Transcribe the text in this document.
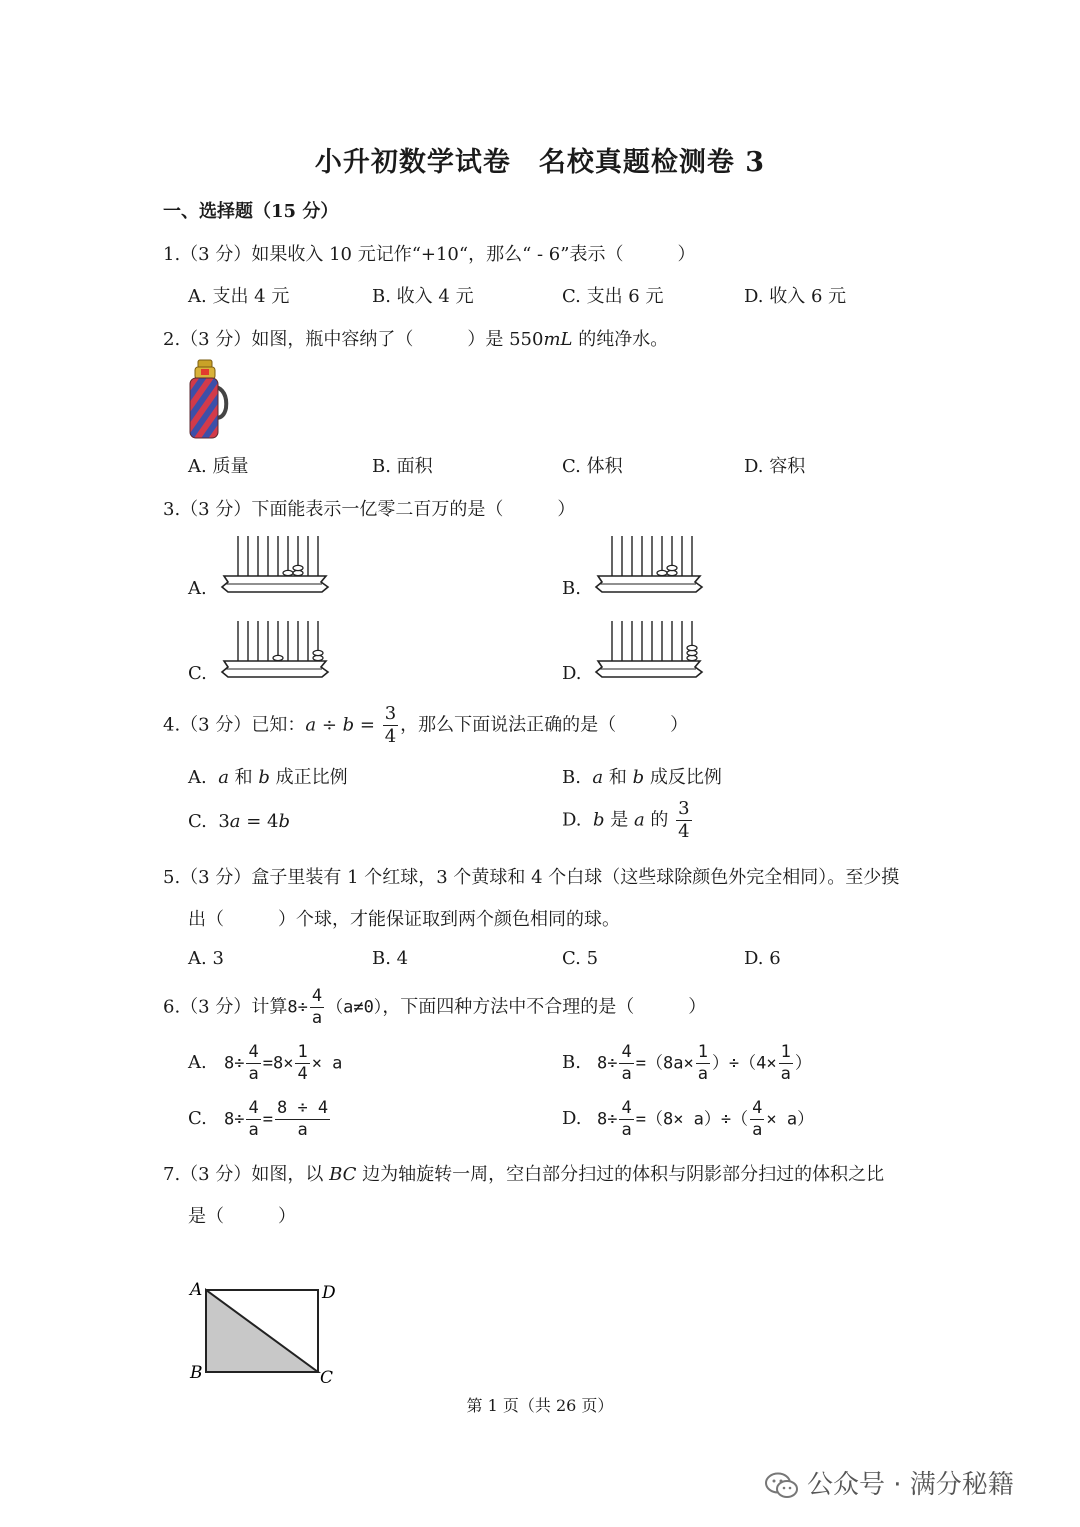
小升初数学试卷　名校真题检测卷 3
一、选择题（15 分）
1.（3 分）如果收入 10 元记作“+10“，那么“ - 6”表示（　　　）
A. 支出 4 元	B. 收入 4 元	C. 支出 6 元	D. 收入 6 元
2.（3 分）如图，瓶中容纳了（　　　）是 550mL 的纯净水。
A. 质量	B. 面积	C. 体积	D. 容积
3.（3 分）下面能表示一亿零二百万的是（　　　）
A.	B.
C.	D.
4.（3 分）已知：$a \div b = \frac{3}{4}$ ，那么下面说法正确的是（　　　）
A. a 和 b 成正比例	B. a 和 b 成反比例
C. 3a = 4b	D. b 是 a 的 $\frac{3}{4}$
5.（3 分）盒子里装有 1 个红球，3 个黄球和 4 个白球（这些球除颜色外完全相同）。至少摸
出（　　　）个球，才能保证取到两个颜色相同的球。
A. 3	B. 4	C. 5	D. 6
6.（3 分）计算$8\div \frac{4}{a} (a\ne 0)$，下面四种方法中不合理的是（　　　）
A. $8\div \frac{4}{a} =8\times \frac{1}{4} \times a$	B. $8\div \frac{4}{a} =(8a\times \frac{1}{a} )\div(4\times \frac{1}{a}$ ）
C. $8\div \frac{4}{a} = \frac{8 \div 4}{a}$	D. $8\div \frac{4}{a} =(8\times a)\div( \frac{4}{a} \times a)$
7.（3 分）如图，以 BC 边为轴旋转一周，空白部分扫过的体积与阴影部分扫过的体积之比
是（　　　）
A	D
B	C
第 1 页（共 26 页）
公众号 · 满分秘籍
